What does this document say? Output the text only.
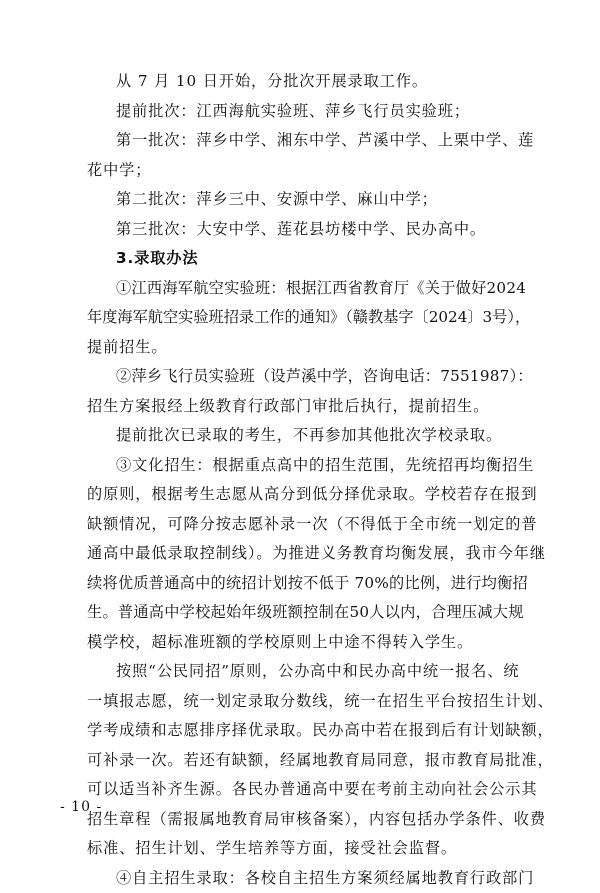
从 7 月 10 日开始，分批次开展录取工作。
提前批次：江西海航实验班、萍乡飞行员实验班；
第一批次：萍乡中学、湘东中学、芦溪中学、上栗中学、莲
花中学；
第二批次：萍乡三中、安源中学、麻山中学；
第三批次：大安中学、莲花县坊楼中学、民办高中。
3.录取办法
①江西海军航空实验班：根据江西省教育厅《关于做好2024
年度海军航空实验班招录工作的通知》（赣教基字〔2024〕3号），
提前招生。
②萍乡飞行员实验班（设芦溪中学，咨询电话：7551987）：
招生方案报经上级教育行政部门审批后执行，提前招生。
提前批次已录取的考生，不再参加其他批次学校录取。
③文化招生：根据重点高中的招生范围，先统招再均衡招生
的原则，根据考生志愿从高分到低分择优录取。学校若存在报到
缺额情况，可降分按志愿补录一次（不得低于全市统一划定的普
通高中最低录取控制线）。为推进义务教育均衡发展，我市今年继
续将优质普通高中的统招计划按不低于 70%的比例，进行均衡招
生。普通高中学校起始年级班额控制在50人以内，合理压减大规
模学校，超标准班额的学校原则上中途不得转入学生。
按照“公民同招”原则，公办高中和民办高中统一报名、统
一填报志愿，统一划定录取分数线，统一在招生平台按招生计划、
学考成绩和志愿排序择优录取。民办高中若在报到后有计划缺额，
可补录一次。若还有缺额，经属地教育局同意，报市教育局批准，
可以适当补齐生源。各民办普通高中要在考前主动向社会公示其
招生章程（需报属地教育局审核备案），内容包括办学条件、收费
标准、招生计划、学生培养等方面，接受社会监督。
④自主招生录取：各校自主招生方案须经属地教育行政部门
- 10 -
